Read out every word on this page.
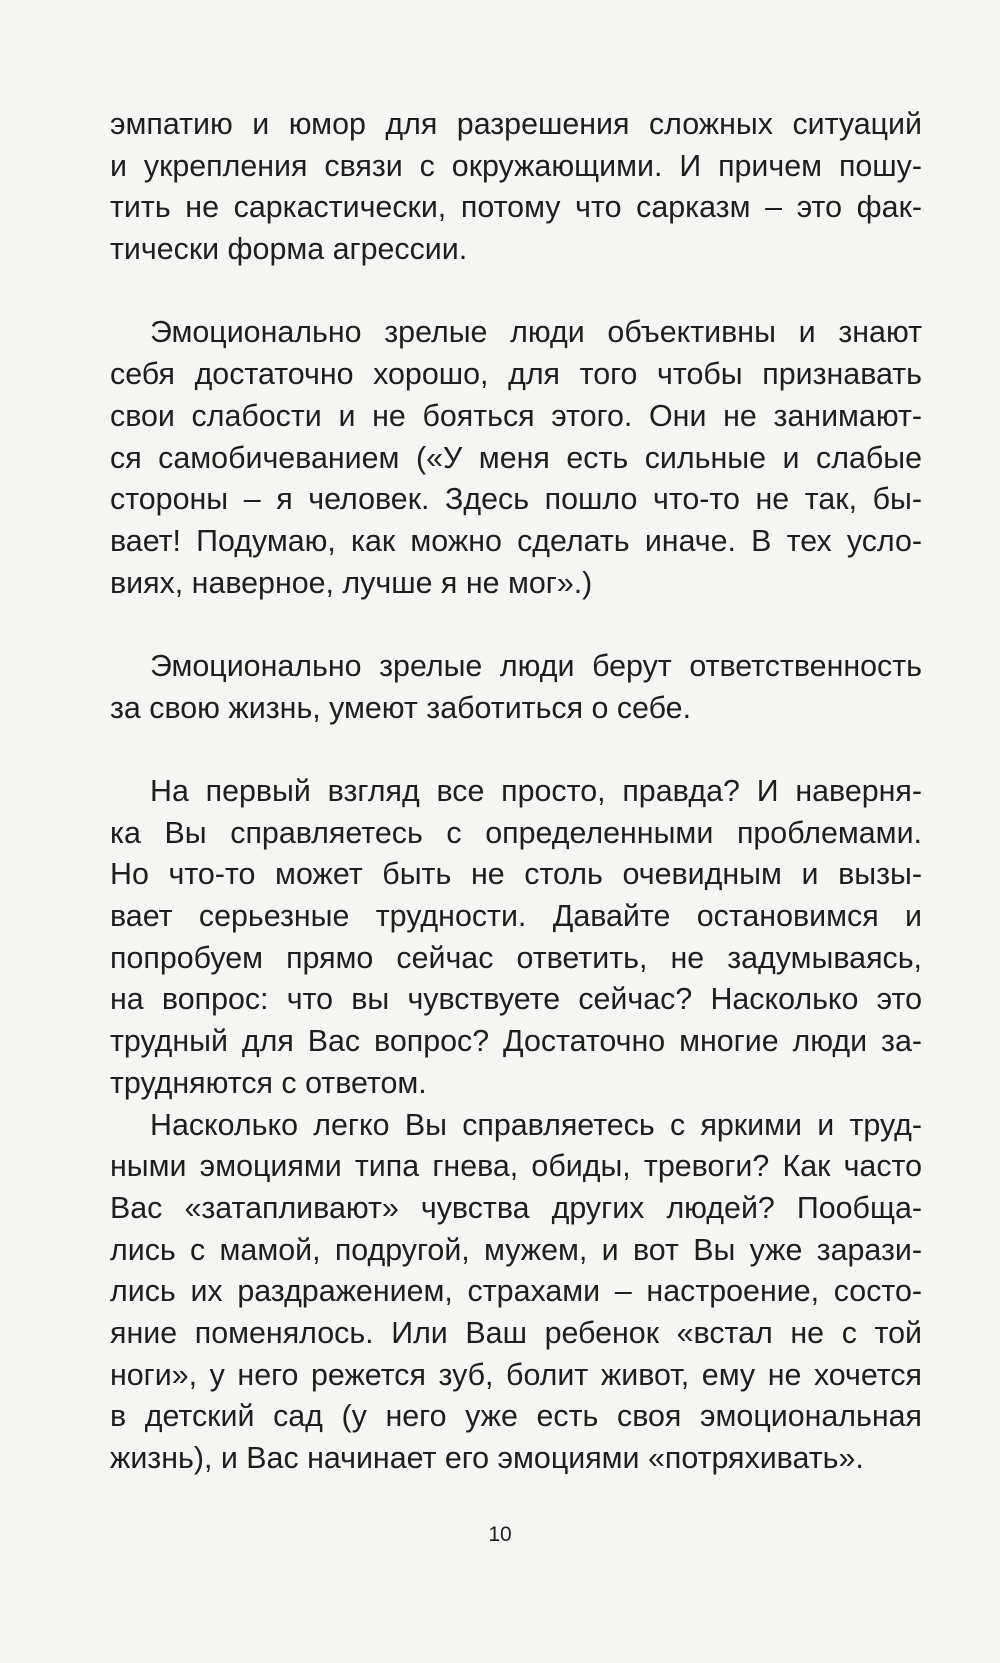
эмпатию и юмор для разрешения сложных ситуаций
и укрепления связи с окружающими. И причем пошу-
тить не саркастически, потому что сарказм – это фак-
тически форма агрессии.
Эмоционально зрелые люди объективны и знают
себя достаточно хорошо, для того чтобы признавать
свои слабости и не бояться этого. Они не занимают-
ся самобичеванием («У меня есть сильные и слабые
стороны – я человек. Здесь пошло что-то не так, бы-
вает! Подумаю, как можно сделать иначе. В тех усло-
виях, наверное, лучше я не мог».)
Эмоционально зрелые люди берут ответственность
за свою жизнь, умеют заботиться о себе.
На первый взгляд все просто, правда? И наверня-
ка Вы справляетесь с определенными проблемами.
Но что-то может быть не столь очевидным и вызы-
вает серьезные трудности. Давайте остановимся и
попробуем прямо сейчас ответить, не задумываясь,
на вопрос: что вы чувствуете сейчас? Насколько это
трудный для Вас вопрос? Достаточно многие люди за-
трудняются с ответом.
Насколько легко Вы справляетесь с яркими и труд-
ными эмоциями типа гнева, обиды, тревоги? Как часто
Вас «затапливают» чувства других людей? Пообща-
лись с мамой, подругой, мужем, и вот Вы уже зарази-
лись их раздражением, страхами – настроение, состо-
яние поменялось. Или Ваш ребенок «встал не с той
ноги», у него режется зуб, болит живот, ему не хочется
в детский сад (у него уже есть своя эмоциональная
жизнь), и Вас начинает его эмоциями «потряхивать».
10
